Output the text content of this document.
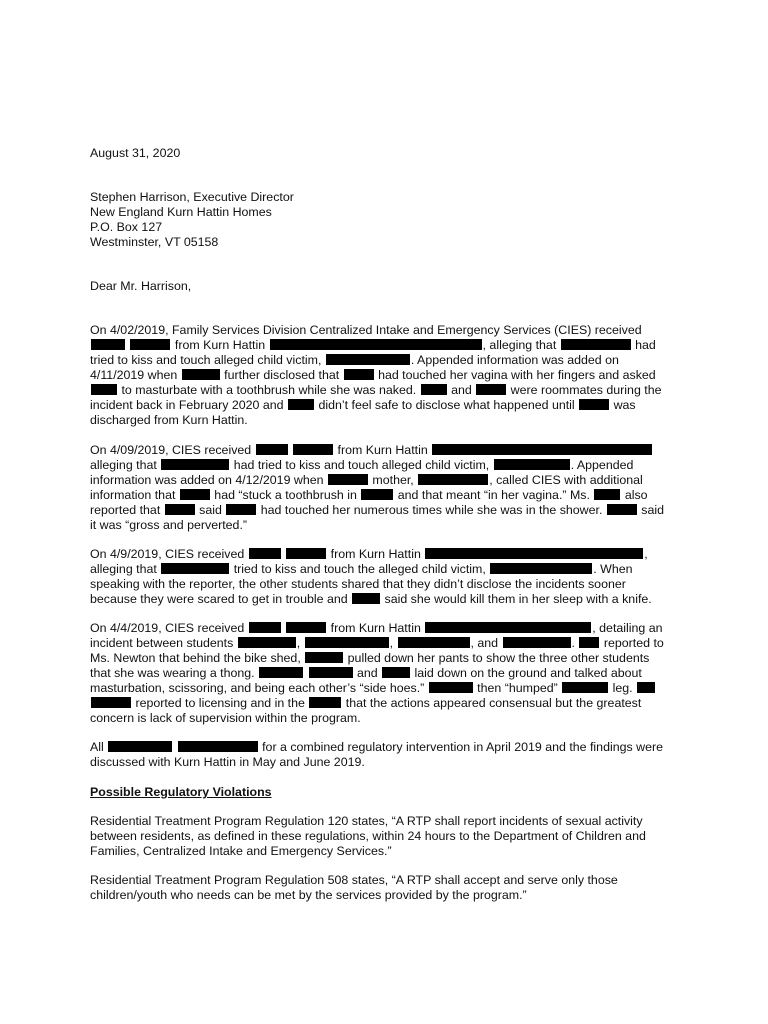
August 31, 2020
Stephen Harrison, Executive Director
New England Kurn Hattin Homes
P.O. Box 127
Westminster, VT 05158
Dear Mr. Harrison,
On 4/02/2019, Family Services Division Centralized Intake and Emergency Services (CIES) received
from Kurn Hattin	, alleging that	had
tried to kiss and touch alleged child victim,	. Appended information was added on
4/11/2019 when	further disclosed that	had touched her vagina with her fingers and asked
to masturbate with a toothbrush while she was naked.  and	were roommates during the
incident back in February 2020 and  didn’t feel safe to disclose what happened until	was
discharged from Kurn Hattin.
On 4/09/2019, CIES received	from Kurn Hattin
alleging that	had tried to kiss and touch alleged child victim,	. Appended
information was added on 4/12/2019 when	mother,	, called CIES with additional
information that	had “stuck a toothbrush in	and that meant “in her vagina.” Ms.  also
reported that	said	had touched her numerous times while she was in the shower.	said
it was “gross and perverted.”
On 4/9/2019, CIES received	from Kurn Hattin	,
alleging that	tried to kiss and touch the alleged child victim,	. When
speaking with the reporter, the other students shared that they didn’t disclose the incidents sooner
because they were scared to get in trouble and  said she would kill them in her sleep with a knife.
On 4/4/2019, CIES received	from Kurn Hattin	, detailing an
incident between students	,	,	, and	.  reported to
Ms. Newton that behind the bike shed,	pulled down her pants to show the three other students
that she was wearing a thong.	and  laid down on the ground and talked about
masturbation, scissoring, and being each other’s “side hoes.”	then “humped”	leg.
reported to licensing and in the	that the actions appeared consensual but the greatest
concern is lack of supervision within the program.
All	for a combined regulatory intervention in April 2019 and the findings were
discussed with Kurn Hattin in May and June 2019.
Possible Regulatory Violations
Residential Treatment Program Regulation 120 states, “A RTP shall report incidents of sexual activity
between residents, as defined in these regulations, within 24 hours to the Department of Children and
Families, Centralized Intake and Emergency Services.”
Residential Treatment Program Regulation 508 states, “A RTP shall accept and serve only those
children/youth who needs can be met by the services provided by the program.”
